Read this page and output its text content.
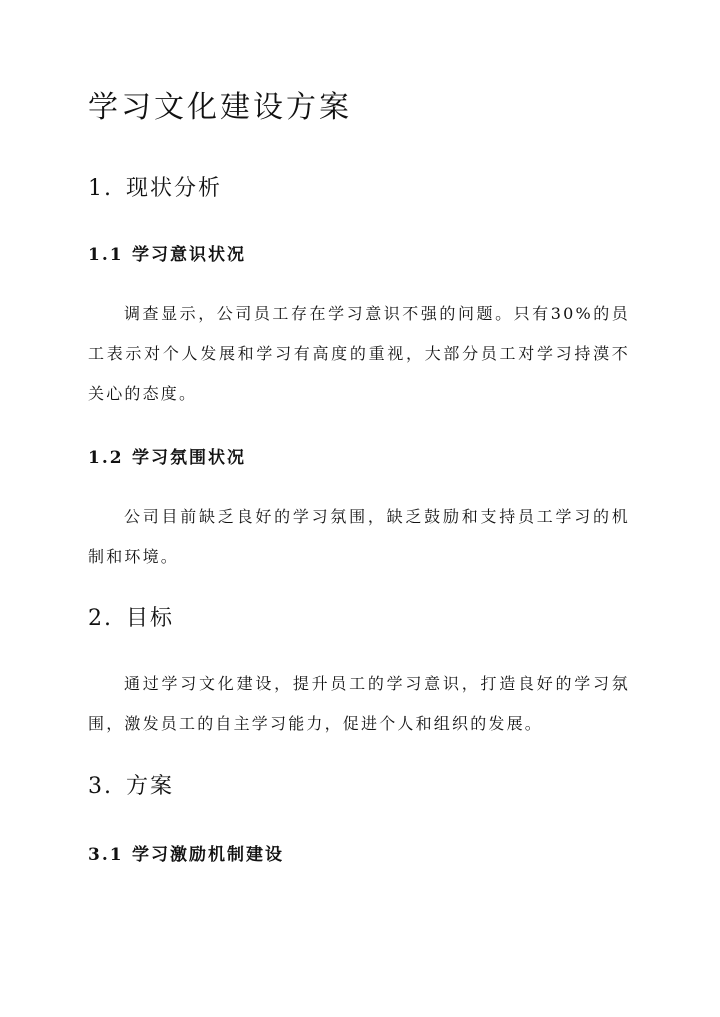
学习文化建设方案
1. 现状分析
1.1 学习意识状况

调查显示，公司员工存在学习意识不强的问题。只有30%的员工表示对个人发展和学习有高度的重视，大部分员工对学习持漠不关心的态度。

1.2 学习氛围状况

公司目前缺乏良好的学习氛围，缺乏鼓励和支持员工学习的机制和环境。

2. 目标

通过学习文化建设，提升员工的学习意识，打造良好的学习氛围，激发员工的自主学习能力，促进个人和组织的发展。

3. 方案
3.1 学习激励机制建设
